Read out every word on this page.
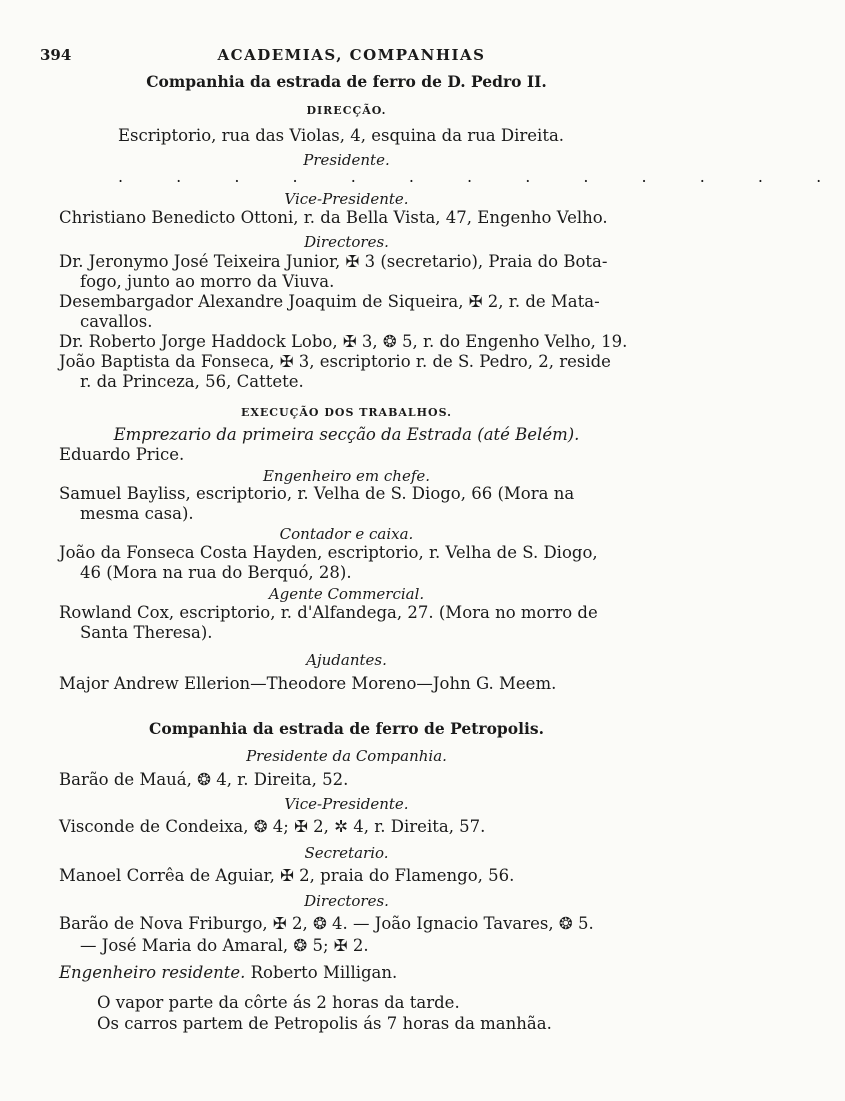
394	ACADEMIAS, COMPANHIAS
Companhia da estrada de ferro de D. Pedro II.
DIRECÇÃO.
Escriptorio, rua das Violas, 4, esquina da rua Direita.
Presidente.
. . . . . . . . . . . . .
Vice-Presidente.
Christiano Benedicto Ottoni, r. da Bella Vista, 47, Engenho Velho.
Directores.
Dr. Jeronymo José Teixeira Junior, ✠ 3 (secretario), Praia do Bota-
fogo, junto ao morro da Viuva.
Desembargador Alexandre Joaquim de Siqueira, ✠ 2, r. de Mata-
cavallos.
Dr. Roberto Jorge Haddock Lobo, ✠ 3, ❂ 5, r. do Engenho Velho, 19.
João Baptista da Fonseca, ✠ 3, escriptorio r. de S. Pedro, 2, reside
r. da Princeza, 56, Cattete.
EXECUÇÃO DOS TRABALHOS.
Emprezario da primeira secção da Estrada (até Belém).
Eduardo Price.
Engenheiro em chefe.
Samuel Bayliss, escriptorio, r. Velha de S. Diogo, 66 (Mora na
mesma casa).
Contador e caixa.
João da Fonseca Costa Hayden, escriptorio, r. Velha de S. Diogo,
46 (Mora na rua do Berquó, 28).
Agente Commercial.
Rowland Cox, escriptorio, r. d'Alfandega, 27. (Mora no morro de
Santa Theresa).
Ajudantes.
Major Andrew Ellerion—Theodore Moreno—John G. Meem.
Companhia da estrada de ferro de Petropolis.
Presidente da Companhia.
Barão de Mauá, ❂ 4, r. Direita, 52.
Vice-Presidente.
Visconde de Condeixa, ❂ 4; ✠ 2, ✲ 4, r. Direita, 57.
Secretario.
Manoel Corrêa de Aguiar, ✠ 2, praia do Flamengo, 56.
Directores.
Barão de Nova Friburgo, ✠ 2, ❂ 4. — João Ignacio Tavares, ❂ 5.
— José Maria do Amaral, ❂ 5; ✠ 2.
Engenheiro residente. Roberto Milligan.
O vapor parte da côrte ás 2 horas da tarde.
Os carros partem de Petropolis ás 7 horas da manhãa.
